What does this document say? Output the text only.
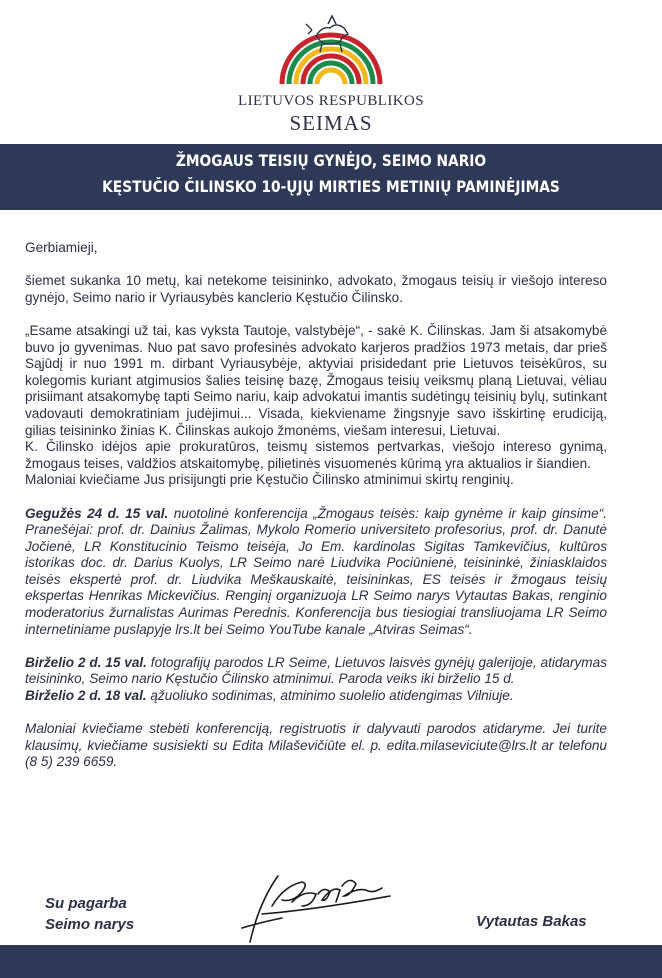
LIETUVOS RESPUBLIKOS
SEIMAS
ŽMOGAUS TEISIŲ GYNĖJO, SEIMO NARIO
KĘSTUČIO ČILINSKO 10-ŲJŲ MIRTIES METINIŲ PAMINĖJIMAS

Gerbiamieji,

šiemet sukanka 10 metų, kai netekome teisininko, advokato, žmogaus teisių ir viešojo intereso gynėjo, Seimo nario ir Vyriausybės kanclerio Kęstučio Čilinsko.

„Esame atsakingi už tai, kas vyksta Tautoje, valstybėje“, - sakė K. Čilinskas. Jam ši atsakomybė buvo jo gyvenimas. Nuo pat savo profesinės advokato karjeros pradžios 1973 metais, dar prieš Sąjūdį ir nuo 1991 m. dirbant Vyriausybėje, aktyviai prisidedant prie Lietuvos teisėkūros, su kolegomis kuriant atgimusios šalies teisinę bazę, Žmogaus teisių veiksmų planą Lietuvai, vėliau prisiimant atsakomybę tapti Seimo nariu, kaip advokatui imantis sudėtingų teisinių bylų, sutinkant vadovauti demokratiniam judėjimui... Visada, kiekviename žingsnyje savo išskirtinę erudiciją, gilias teisininko žinias K. Čilinskas aukojo žmonėms, viešam interesui, Lietuvai.

K. Čilinsko idėjos apie prokuratūros, teismų sistemos pertvarkas, viešojo intereso gynimą, žmogaus teises, valdžios atskaitomybę, pilietinės visuomenės kūrimą yra aktualios ir šiandien.

Maloniai kviečiame Jus prisijungti prie Kęstučio Čilinsko atminimui skirtų renginių.

Gegužės 24 d. 15 val. nuotolinė konferencija „Žmogaus teisės: kaip gynėme ir kaip ginsime“. Pranešėjai: prof. dr. Dainius Žalimas, Mykolo Romerio universiteto profesorius, prof. dr. Danutė Jočienė, LR Konstitucinio Teismo teisėja, Jo Em. kardinolas Sigitas Tamkevičius, kultūros istorikas doc. dr. Darius Kuolys, LR Seimo narė Liudvika Pociūnienė, teisininkė, žiniasklaidos teisės ekspertė prof. dr. Liudvika Meškauskaitė, teisininkas, ES teisės ir žmogaus teisių ekspertas Henrikas Mickevičius. Renginį organizuoja LR Seimo narys Vytautas Bakas, renginio moderatorius žurnalistas Aurimas Perednis. Konferencija bus tiesiogiai transliuojama LR Seimo internetiniame puslapyje lrs.lt bei Seimo YouTube kanale „Atviras Seimas“.

Birželio 2 d. 15 val. fotografijų parodos LR Seime, Lietuvos laisvės gynėjų galerijoje, atidarymas teisininko, Seimo nario Kęstučio Čilinsko atminimui. Paroda veiks iki birželio 15 d.

Birželio 2 d. 18 val. ąžuoliuko sodinimas, atminimo suolelio atidengimas Vilniuje.

Maloniai kviečiame stebėti konferenciją, registruotis ir dalyvauti parodos atidaryme. Jei turite klausimų, kviečiame susisiekti su Edita Milaševičiūte el. p. edita.milaseviciute@lrs.lt ar telefonu (8 5) 239 6659.

Su pagarba
Seimo narys	Vytautas Bakas
